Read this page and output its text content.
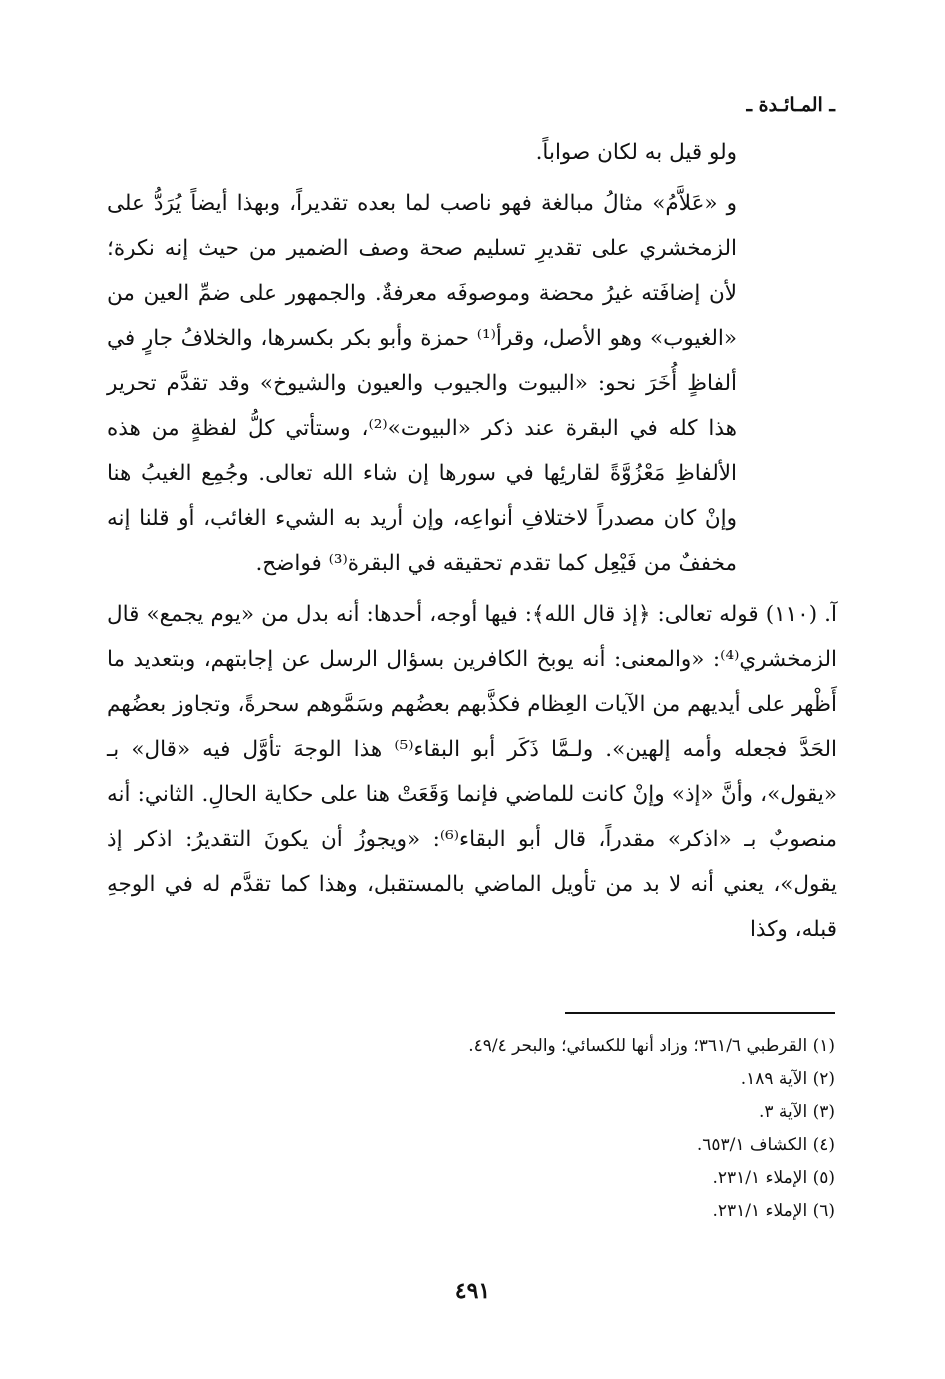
ـ المـائـدة ـ

ولو قيل به لكان صواباً.

و «عَلاَّمُ» مثالُ مبالغة فهو ناصب لما بعده تقديراً، وبهذا أيضاً يُرَدُّ على الزمخشري على تقديرِ تسليم صحة وصف الضمير من حيث إنه نكرة؛ لأن إضافَته غيرُ محضة وموصوفَه معرفةٌ. والجمهور على ضمِّ العين من «الغيوب» وهو الأصل، وقرأ⁽¹⁾ حمزة وأبو بكر بكسرها، والخلافُ جارٍ في ألفاظٍ أُخَرَ نحو: «البيوت والجيوب والعيون والشيوخ» وقد تقدَّم تحرير هذا كله في البقرة عند ذكر «البيوت»⁽²⁾، وستأتي كلُّ لفظةٍ من هذه الألفاظِ مَعْزُوَّةً لقارئِها في سورها إن شاء الله تعالى. وجُمِع الغيبُ هنا وإنْ كان مصدراً لاختلافِ أنواعِه، وإن أريد به الشيء الغائب، أو قلنا إنه مخففٌ من فَيْعِل كما تقدم تحقيقه في البقرة⁽³⁾ فواضح.

آ. (١١٠) قوله تعالى: ﴿إذ قال الله﴾: فيها أوجه، أحدها: أنه بدل من «يوم يجمع» قال الزمخشري⁽⁴⁾: «والمعنى: أنه يوبخ الكافرين بسؤال الرسل عن إجابتهم، وبتعديد ما أَظْهر على أيديهم من الآيات العِظام فكذَّبهم بعضُهم وسَمَّوهم سحرةً، وتجاوز بعضُهم الحَدَّ فجعله وأمه إلهين». ولـمَّا ذَكَر أبو البقاء⁽⁵⁾ هذا الوجهَ تأوَّل فيه «قال» بـ «يقول»، وأنَّ «إذ» وإنْ كانت للماضي فإنما وَقَعَتْ هنا على حكاية الحالِ. الثاني: أنه منصوبٌ بـ «اذكر» مقدراً، قال أبو البقاء⁽⁶⁾: «ويجوزُ أن يكونَ التقديرُ: اذكر إذ يقول»، يعني أنه لا بد من تأويل الماضي بالمستقبل، وهذا كما تقدَّم له في الوجهِ قبله، وكذا

(١) القرطبي ٣٦١/٦؛ وزاد أنها للكسائي؛ والبحر ٤٩/٤.
(٢) الآية ١٨٩.
(٣) الآية ٣.
(٤) الكشاف ٦٥٣/١.
(٥) الإملاء ٢٣١/١.
(٦) الإملاء ٢٣١/١.
٤٩١
